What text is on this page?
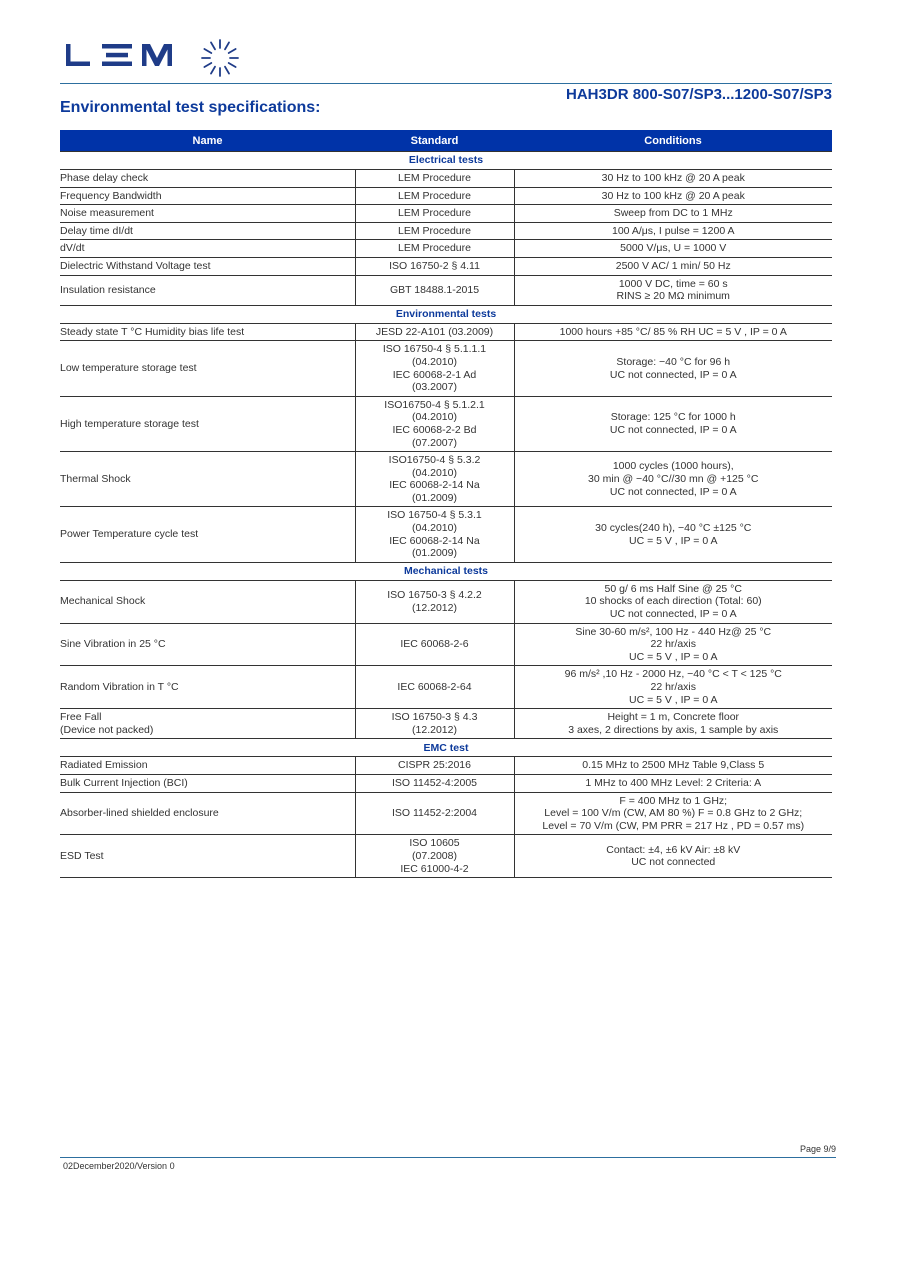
HAH3DR 800-S07/SP3...1200-S07/SP3
Environmental test specifications:
Name	Standard	Conditions
Electrical tests		

Phase delay check	LEM Procedure	30 Hz to 100 kHz @ 20 A peak

Frequency Bandwidth	LEM Procedure	30 Hz to 100 kHz @ 20 A peak

Noise measurement	LEM Procedure	Sweep from DC to 1 MHz

Delay time dI/dt	LEM Procedure	100 A/μs, I pulse = 1200 A

dV/dt	LEM Procedure	5000 V/μs, U = 1000 V

Dielectric Withstand Voltage test	ISO 16750-2 § 4.11	2500 V AC/ 1 min/ 50 Hz

Insulation resistance	GBT 18488.1-2015	1000 V DC, time = 60 s
RINS ≥ 20 MΩ minimum

Environmental tests		

Steady state T °C Humidity bias life test	JESD 22-A101 (03.2009)	1000 hours +85 °C/ 85 % RH UC = 5 V , IP = 0 A

Low temperature storage test	ISO 16750-4 § 5.1.1.1
(04.2010)
IEC 60068-2-1 Ad
(03.2007)	Storage: −40 °C for 96 h
UC not connected, IP = 0 A

High temperature storage test	ISO16750-4 § 5.1.2.1
(04.2010)
IEC 60068-2-2 Bd
(07.2007)	Storage: 125 °C for 1000 h
UC not connected, IP = 0 A

Thermal Shock	ISO16750-4 § 5.3.2
(04.2010)
IEC 60068-2-14 Na
(01.2009)	1000 cycles (1000 hours),
30 min @ −40 °C//30 mn @ +125 °C
UC not connected, IP = 0 A

Power Temperature cycle test	ISO 16750-4 § 5.3.1
(04.2010)
IEC 60068-2-14 Na
(01.2009)	30 cycles(240 h), −40 °C ±125 °C
UC = 5 V , IP = 0 A

Mechanical tests		

Mechanical Shock	ISO 16750-3 § 4.2.2
(12.2012)	50 g/ 6 ms Half Sine @ 25 °C
10 shocks of each direction (Total: 60)
UC not connected, IP = 0 A

Sine Vibration in 25 °C	IEC 60068-2-6	Sine 30-60 m/s², 100 Hz - 440 Hz@ 25 °C
22 hr/axis
UC = 5 V , IP = 0 A

Random Vibration in T °C	IEC 60068-2-64	96 m/s² ,10 Hz - 2000 Hz, −40 °C < T < 125 °C
22 hr/axis
UC = 5 V , IP = 0 A

Free Fall
(Device not packed)	ISO 16750-3 § 4.3
(12.2012)	Height = 1 m, Concrete floor
3 axes, 2 directions by axis, 1 sample by axis

EMC test		

Radiated Emission	CISPR 25:2016	0.15 MHz to 2500 MHz Table 9,Class 5

Bulk Current Injection (BCI)	ISO 11452-4:2005	1 MHz to 400 MHz Level: 2 Criteria: A

Absorber-lined shielded enclosure	ISO 11452-2:2004	F = 400 MHz to 1 GHz;
Level = 100 V/m (CW, AM 80 %) F = 0.8 GHz to 2 GHz;
Level = 70 V/m (CW, PM PRR = 217 Hz , PD = 0.57 ms)

ESD Test	ISO 10605
(07.2008)
IEC 61000-4-2	Contact: ±4, ±6 kV Air: ±8 kV
UC not connected
Page 9/9
02December2020/Version 0
